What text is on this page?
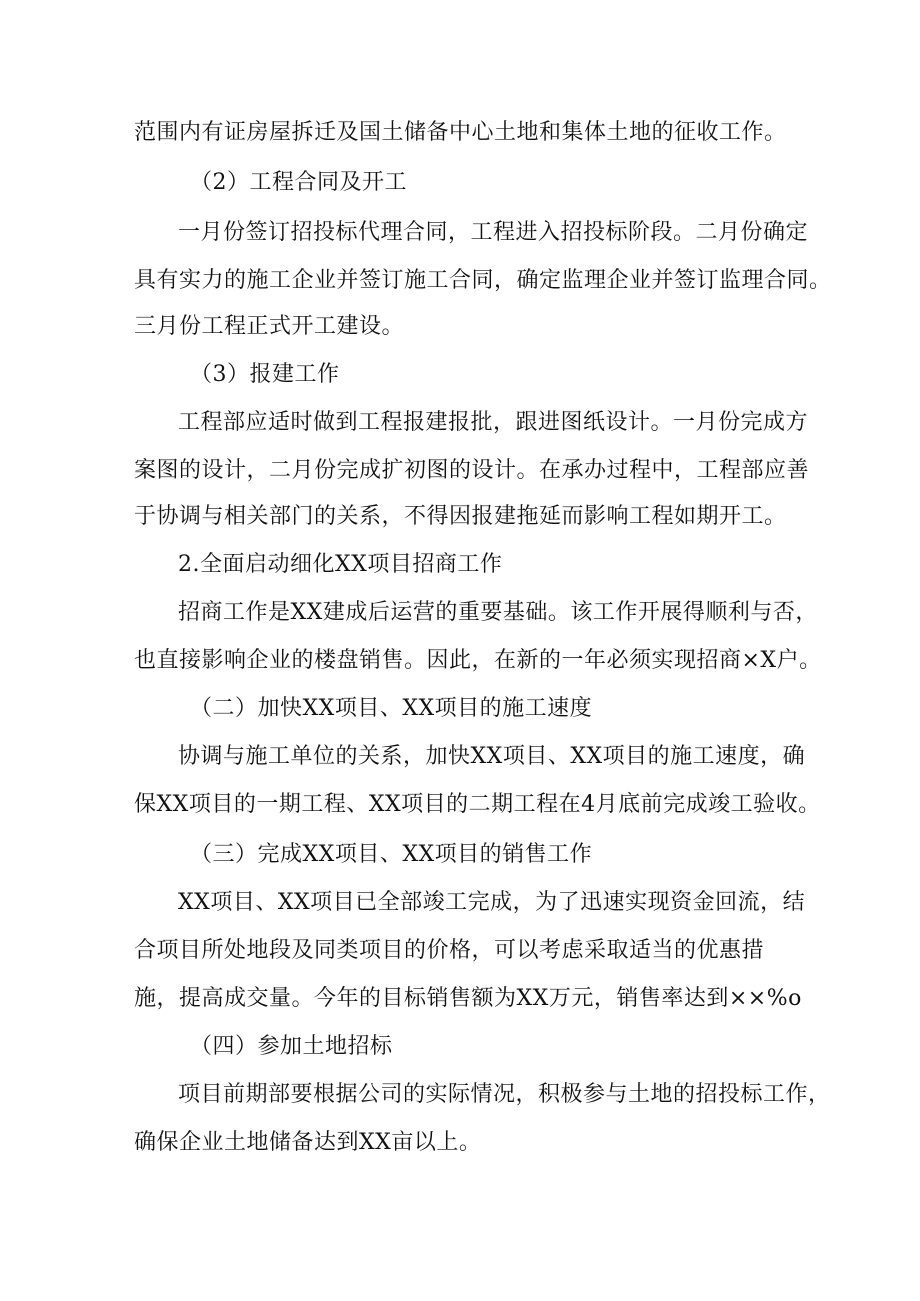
范围内有证房屋拆迁及国土储备中心土地和集体土地的征收工作。
（2）工程合同及开工
一月份签订招投标代理合同，工程进入招投标阶段。二月份确定
具有实力的施工企业并签订施工合同，确定监理企业并签订监理合同。
三月份工程正式开工建设。
（3）报建工作
工程部应适时做到工程报建报批，跟进图纸设计。一月份完成方
案图的设计，二月份完成扩初图的设计。在承办过程中，工程部应善
于协调与相关部门的关系，不得因报建拖延而影响工程如期开工。
2.全面启动细化XX项目招商工作
招商工作是XX建成后运营的重要基础。该工作开展得顺利与否，
也直接影响企业的楼盘销售。因此，在新的一年必须实现招商×X户。
（二）加快XX项目、XX项目的施工速度
协调与施工单位的关系，加快XX项目、XX项目的施工速度，确
保XX项目的一期工程、XX项目的二期工程在4月底前完成竣工验收。
（三）完成XX项目、XX项目的销售工作
XX项目、XX项目已全部竣工完成，为了迅速实现资金回流，结
合项目所处地段及同类项目的价格，可以考虑采取适当的优惠措
施，提高成交量。今年的目标销售额为XX万元，销售率达到××%o
（四）参加土地招标
项目前期部要根据公司的实际情况，积极参与土地的招投标工作，
确保企业土地储备达到XX亩以上。
